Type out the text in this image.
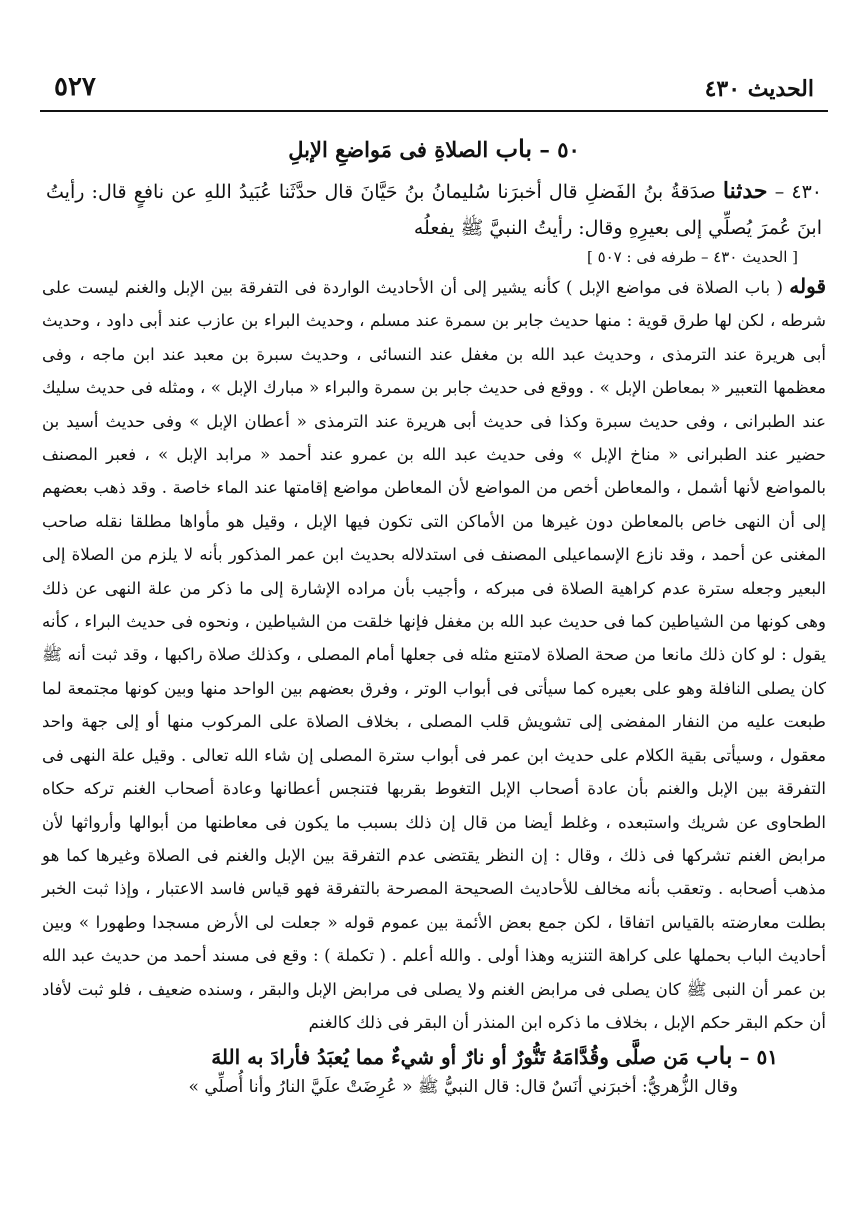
الحديث ٤٣٠
٥٢٧
٥٠ – باب الصلاةِ فى مَواضعِ الإبلِ
٤٣٠ – حدثنا صدَقةُ بنُ الفَضلِ قال أخبرَنا سُليمانُ بنُ حَيَّانَ قال حدَّثَنا عُبَيدُ اللهِ عن نافعٍ قال: رأيتُ ابنَ عُمرَ يُصلِّي إلى بعيرِهِ وقال: رأيتُ النبيَّ ﷺ يفعلُه
[ الحديث ٤٣٠ – طرفه فى : ٥٠٧ ]
قوله ( باب الصلاة فى مواضع الإبل ) كأنه يشير إلى أن الأحاديث الواردة فى التفرقة بين الإبل والغنم ليست على شرطه ، لكن لها طرق قوية : منها حديث جابر بن سمرة عند مسلم ، وحديث البراء بن عازب عند أبى داود ، وحديث أبى هريرة عند الترمذى ، وحديث عبد الله بن مغفل عند النسائى ، وحديث سبرة بن معبد عند ابن ماجه ، وفى معظمها التعبير « بمعاطن الإبل » . ووقع فى حديث جابر بن سمرة والبراء « مبارك الإبل » ، ومثله فى حديث سليك عند الطبرانى ، وفى حديث سبرة وكذا فى حديث أبى هريرة عند الترمذى « أعطان الإبل » وفى حديث أسيد بن حضير عند الطبرانى « مناخ الإبل » وفى حديث عبد الله بن عمرو عند أحمد « مرابد الإبل » ، فعبر المصنف بالمواضع لأنها أشمل ، والمعاطن أخص من المواضع لأن المعاطن مواضع إقامتها عند الماء خاصة . وقد ذهب بعضهم إلى أن النهى خاص بالمعاطن دون غيرها من الأماكن التى تكون فيها الإبل ، وقيل هو مأواها مطلقا نقله صاحب المغنى عن أحمد ، وقد نازع الإسماعيلى المصنف فى استدلاله بحديث ابن عمر المذكور بأنه لا يلزم من الصلاة إلى البعير وجعله سترة عدم كراهية الصلاة فى مبركه ، وأجيب بأن مراده الإشارة إلى ما ذكر من علة النهى عن ذلك وهى كونها من الشياطين كما فى حديث عبد الله بن مغفل فإنها خلقت من الشياطين ، ونحوه فى حديث البراء ، كأنه يقول : لو كان ذلك مانعا من صحة الصلاة لامتنع مثله فى جعلها أمام المصلى ، وكذلك صلاة راكبها ، وقد ثبت أنه ﷺ كان يصلى النافلة وهو على بعيره كما سيأتى فى أبواب الوتر ، وفرق بعضهم بين الواحد منها وبين كونها مجتمعة لما طبعت عليه من النفار المفضى إلى تشويش قلب المصلى ، بخلاف الصلاة على المركوب منها أو إلى جهة واحد معقول ، وسيأتى بقية الكلام على حديث ابن عمر فى أبواب سترة المصلى إن شاء الله تعالى . وقيل علة النهى فى التفرقة بين الإبل والغنم بأن عادة أصحاب الإبل التغوط بقربها فتنجس أعطانها وعادة أصحاب الغنم تركه حكاه الطحاوى عن شريك واستبعده ، وغلط أيضا من قال إن ذلك بسبب ما يكون فى معاطنها من أبوالها وأرواثها لأن مرابض الغنم تشركها فى ذلك ، وقال : إن النظر يقتضى عدم التفرقة بين الإبل والغنم فى الصلاة وغيرها كما هو مذهب أصحابه . وتعقب بأنه مخالف للأحاديث الصحيحة المصرحة بالتفرقة فهو قياس فاسد الاعتبار ، وإذا ثبت الخبر بطلت معارضته بالقياس اتفاقا ، لكن جمع بعض الأئمة بين عموم قوله « جعلت لى الأرض مسجدا وطهورا » وبين أحاديث الباب بحملها على كراهة التنزيه وهذا أولى . والله أعلم . ( تكملة ) : وقع فى مسند أحمد من حديث عبد الله بن عمر أن النبى ﷺ كان يصلى فى مرابض الغنم ولا يصلى فى مرابض الإبل والبقر ، وسنده ضعيف ، فلو ثبت لأفاد أن حكم البقر حكم الإبل ، بخلاف ما ذكره ابن المنذر أن البقر فى ذلك كالغنم
٥١ – باب مَن صلَّى وقُدَّامَهُ تَنُّورٌ أو نارٌ أو شيءٌ مما يُعبَدُ فأرادَ به اللهَ
وقال الزُّهريُّ: أخبرَني أنَسٌ قال: قال النبيُّ ﷺ « عُرِضَتْ علَيَّ النارُ وأنا أُصلِّي »
